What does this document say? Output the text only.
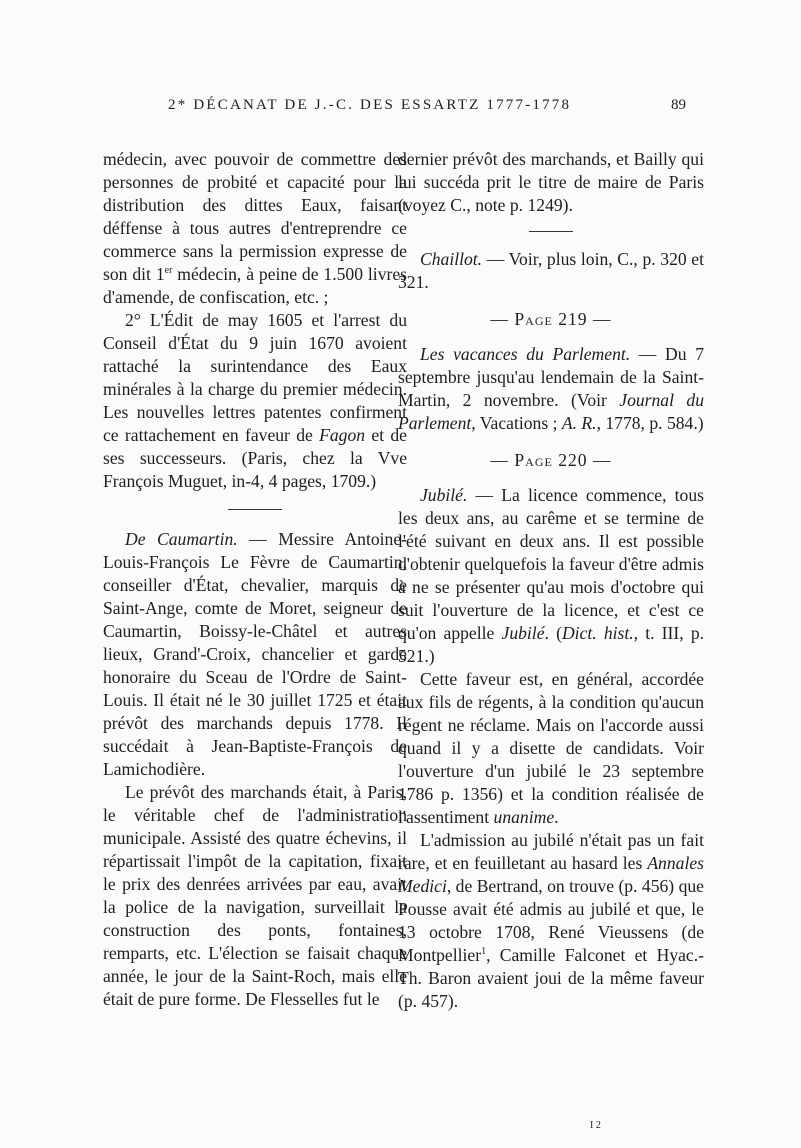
2* DÉCANAT DE J.-C. DES ESSARTZ 1777-1778	89

médecin, avec pouvoir de commettre des personnes de probité et capacité pour la distribution des dittes Eaux, faisant déffense à tous autres d'entreprendre ce commerce sans la permission expresse de son dit 1er médecin, à peine de 1.500 livres d'amende, de confiscation, etc. ;

2° L'Édit de may 1605 et l'arrest du Conseil d'État du 9 juin 1670 avoient rattaché la surintendance des Eaux minérales à la charge du premier médecin. Les nouvelles lettres patentes confirment ce rattachement en faveur de Fagon et de ses successeurs. (Paris, chez la Vve François Muguet, in-4, 4 pages, 1709.)

De Caumartin. — Messire Antoine-Louis-François Le Fèvre de Caumartin, conseiller d'État, chevalier, marquis de Saint-Ange, comte de Moret, seigneur de Caumartin, Boissy-le-Châtel et autres lieux, Grand'-Croix, chancelier et garde honoraire du Sceau de l'Ordre de Saint-Louis. Il était né le 30 juillet 1725 et était prévôt des marchands depuis 1778. Il succédait à Jean-Baptiste-François de Lamichodière.

Le prévôt des marchands était, à Paris, le véritable chef de l'administration municipale. Assisté des quatre échevins, il répartissait l'impôt de la capitation, fixait le prix des denrées arrivées par eau, avait la police de la navigation, surveillait la construction des ponts, fontaines, remparts, etc. L'élection se faisait chaque année, le jour de la Saint-Roch, mais elle était de pure forme. De Flesselles fut le

dernier prévôt des marchands, et Bailly qui lui succéda prit le titre de maire de Paris (voyez C., note p. 1249).

Chaillot. — Voir, plus loin, C., p. 320 et 321.

— Page 219 —

Les vacances du Parlement. — Du 7 septembre jusqu'au lendemain de la Saint-Martin, 2 novembre. (Voir Journal du Parlement, Vacations ; A. R., 1778, p. 584.)

— Page 220 —

Jubilé. — La licence commence, tous les deux ans, au carême et se termine de l'été suivant en deux ans. Il est possible d'obtenir quelquefois la faveur d'être admis à ne se présenter qu'au mois d'octobre qui suit l'ouverture de la licence, et c'est ce qu'on appelle Jubilé. (Dict. hist., t. III, p. 521.)

Cette faveur est, en général, accordée aux fils de régents, à la condition qu'aucun régent ne réclame. Mais on l'accorde aussi quand il y a disette de candidats. Voir l'ouverture d'un jubilé le 23 septembre 1786 p. 1356) et la condition réalisée de l'assentiment unanime.

L'admission au jubilé n'était pas un fait rare, et en feuilletant au hasard les Annales Medici, de Bertrand, on trouve (p. 456) que Pousse avait été admis au jubilé et que, le 13 octobre 1708, René Vieussens (de Montpellier$^1$, Camille Falconet et Hyac.-Th. Baron avaient joui de la même faveur (p. 457).

I 2
